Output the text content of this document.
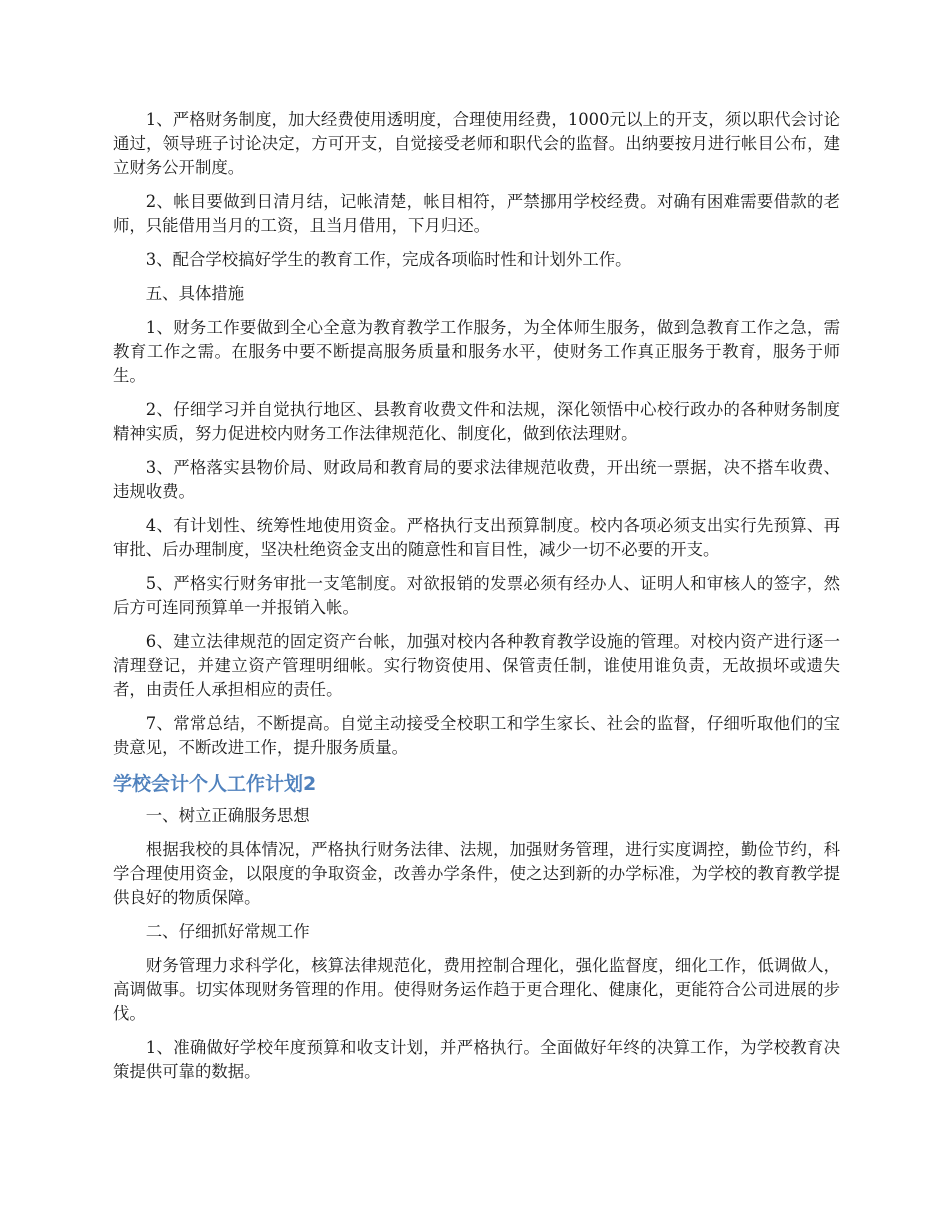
1、严格财务制度，加大经费使用透明度，合理使用经费，1000元以上的开支，须以职代会讨论通过，领导班子讨论决定，方可开支，自觉接受老师和职代会的监督。出纳要按月进行帐目公布，建立财务公开制度。

2、帐目要做到日清月结，记帐清楚，帐目相符，严禁挪用学校经费。对确有困难需要借款的老师，只能借用当月的工资，且当月借用，下月归还。

3、配合学校搞好学生的教育工作，完成各项临时性和计划外工作。

五、具体措施

1、财务工作要做到全心全意为教育教学工作服务，为全体师生服务，做到急教育工作之急，需教育工作之需。在服务中要不断提高服务质量和服务水平，使财务工作真正服务于教育，服务于师生。

2、仔细学习并自觉执行地区、县教育收费文件和法规，深化领悟中心校行政办的各种财务制度精神实质，努力促进校内财务工作法律规范化、制度化，做到依法理财。

3、严格落实县物价局、财政局和教育局的要求法律规范收费，开出统一票据，决不搭车收费、违规收费。

4、有计划性、统筹性地使用资金。严格执行支出预算制度。校内各项必须支出实行先预算、再审批、后办理制度，坚决杜绝资金支出的随意性和盲目性，减少一切不必要的开支。

5、严格实行财务审批一支笔制度。对欲报销的发票必须有经办人、证明人和审核人的签字，然后方可连同预算单一并报销入帐。

6、建立法律规范的固定资产台帐，加强对校内各种教育教学设施的管理。对校内资产进行逐一清理登记，并建立资产管理明细帐。实行物资使用、保管责任制，谁使用谁负责，无故损坏或遗失者，由责任人承担相应的责任。

7、常常总结，不断提高。自觉主动接受全校职工和学生家长、社会的监督，仔细听取他们的宝贵意见，不断改进工作，提升服务质量。

学校会计个人工作计划2

一、树立正确服务思想

根据我校的具体情况，严格执行财务法律、法规，加强财务管理，进行实度调控，勤俭节约，科学合理使用资金，以限度的争取资金，改善办学条件，使之达到新的办学标准，为学校的教育教学提供良好的物质保障。

二、仔细抓好常规工作

财务管理力求科学化，核算法律规范化，费用控制合理化，强化监督度，细化工作，低调做人，高调做事。切实体现财务管理的作用。使得财务运作趋于更合理化、健康化，更能符合公司进展的步伐。

1、准确做好学校年度预算和收支计划，并严格执行。全面做好年终的决算工作，为学校教育决策提供可靠的数据。
